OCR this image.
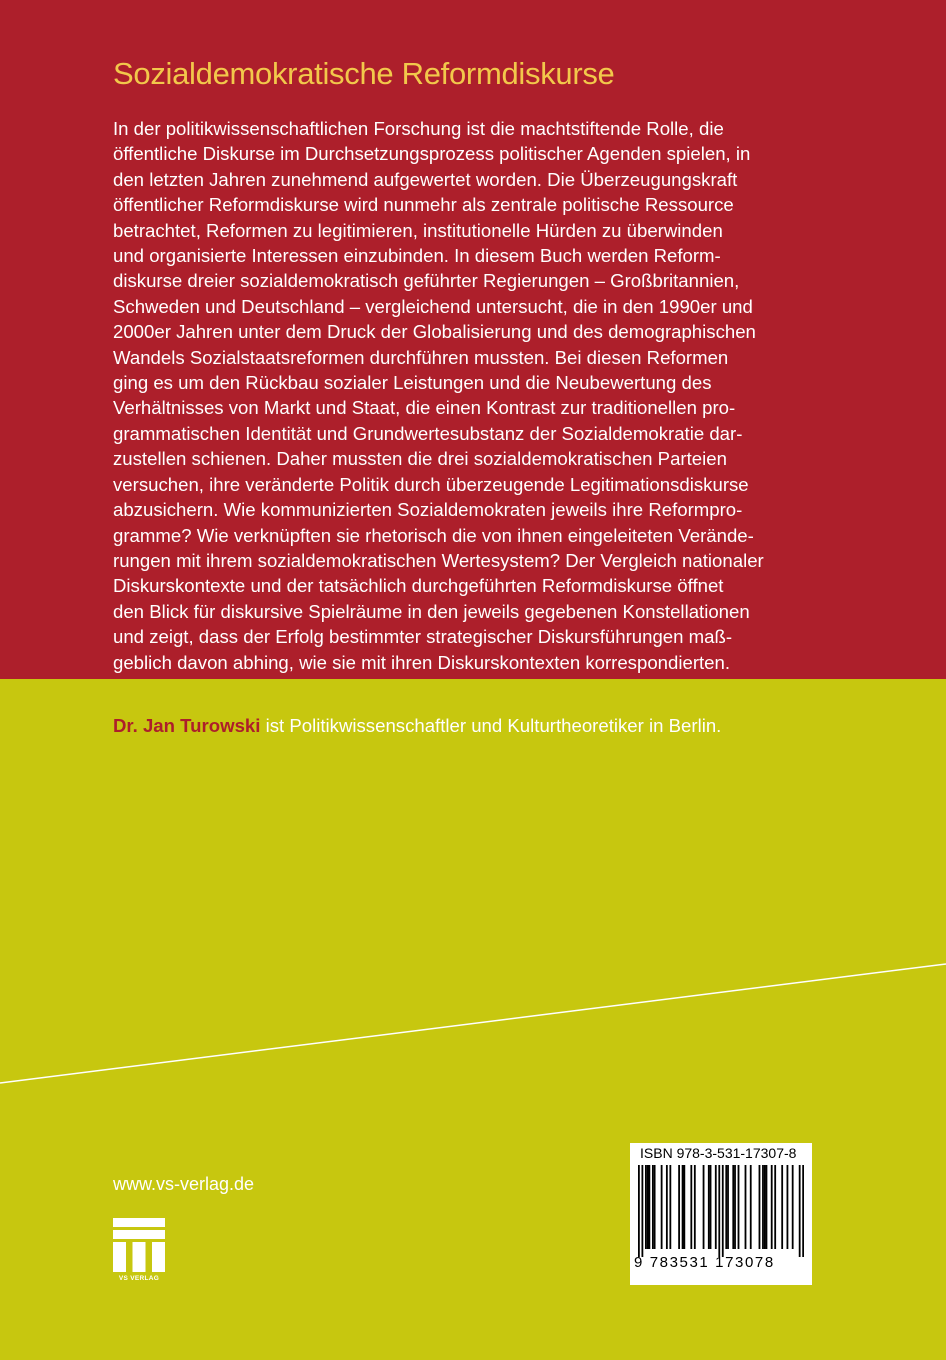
Sozialdemokratische Reformdiskurse
In der politikwissenschaftlichen Forschung ist die machtstiftende Rolle, die
öffentliche Diskurse im Durchsetzungsprozess politischer Agenden spielen, in
den letzten Jahren zunehmend aufgewertet worden. Die Überzeugungskraft
öffentlicher Reformdiskurse wird nunmehr als zentrale politische Ressource
betrachtet, Reformen zu legitimieren, institutionelle Hürden zu überwinden
und organisierte Interessen einzubinden. In diesem Buch werden Reform-
diskurse dreier sozialdemokratisch geführter Regierungen – Großbritannien,
Schweden und Deutschland – vergleichend untersucht, die in den 1990er und
2000er Jahren unter dem Druck der Globalisierung und des demographischen
Wandels Sozialstaatsreformen durchführen mussten. Bei diesen Reformen
ging es um den Rückbau sozialer Leistungen und die Neubewertung des
Verhältnisses von Markt und Staat, die einen Kontrast zur traditionellen pro-
grammatischen Identität und Grundwertesubstanz der Sozialdemokratie dar-
zustellen schienen. Daher mussten die drei sozialdemokratischen Parteien
versuchen, ihre veränderte Politik durch überzeugende Legitimationsdiskurse
abzusichern. Wie kommunizierten Sozialdemokraten jeweils ihre Reformpro-
gramme? Wie verknüpften sie rhetorisch die von ihnen eingeleiteten Verände-
rungen mit ihrem sozialdemokratischen Wertesystem? Der Vergleich nationaler
Diskurskontexte und der tatsächlich durchgeführten Reformdiskurse öffnet
den Blick für diskursive Spielräume in den jeweils gegebenen Konstellationen
und zeigt, dass der Erfolg bestimmter strategischer Diskursführungen maß-
geblich davon abhing, wie sie mit ihren Diskurskontexten korrespondierten.
Dr. Jan Turowski ist Politikwissenschaftler und Kulturtheoretiker in Berlin.
www.vs-verlag.de
VS VERLAG
ISBN 978-3-531-17307-8
9 783531 173078
